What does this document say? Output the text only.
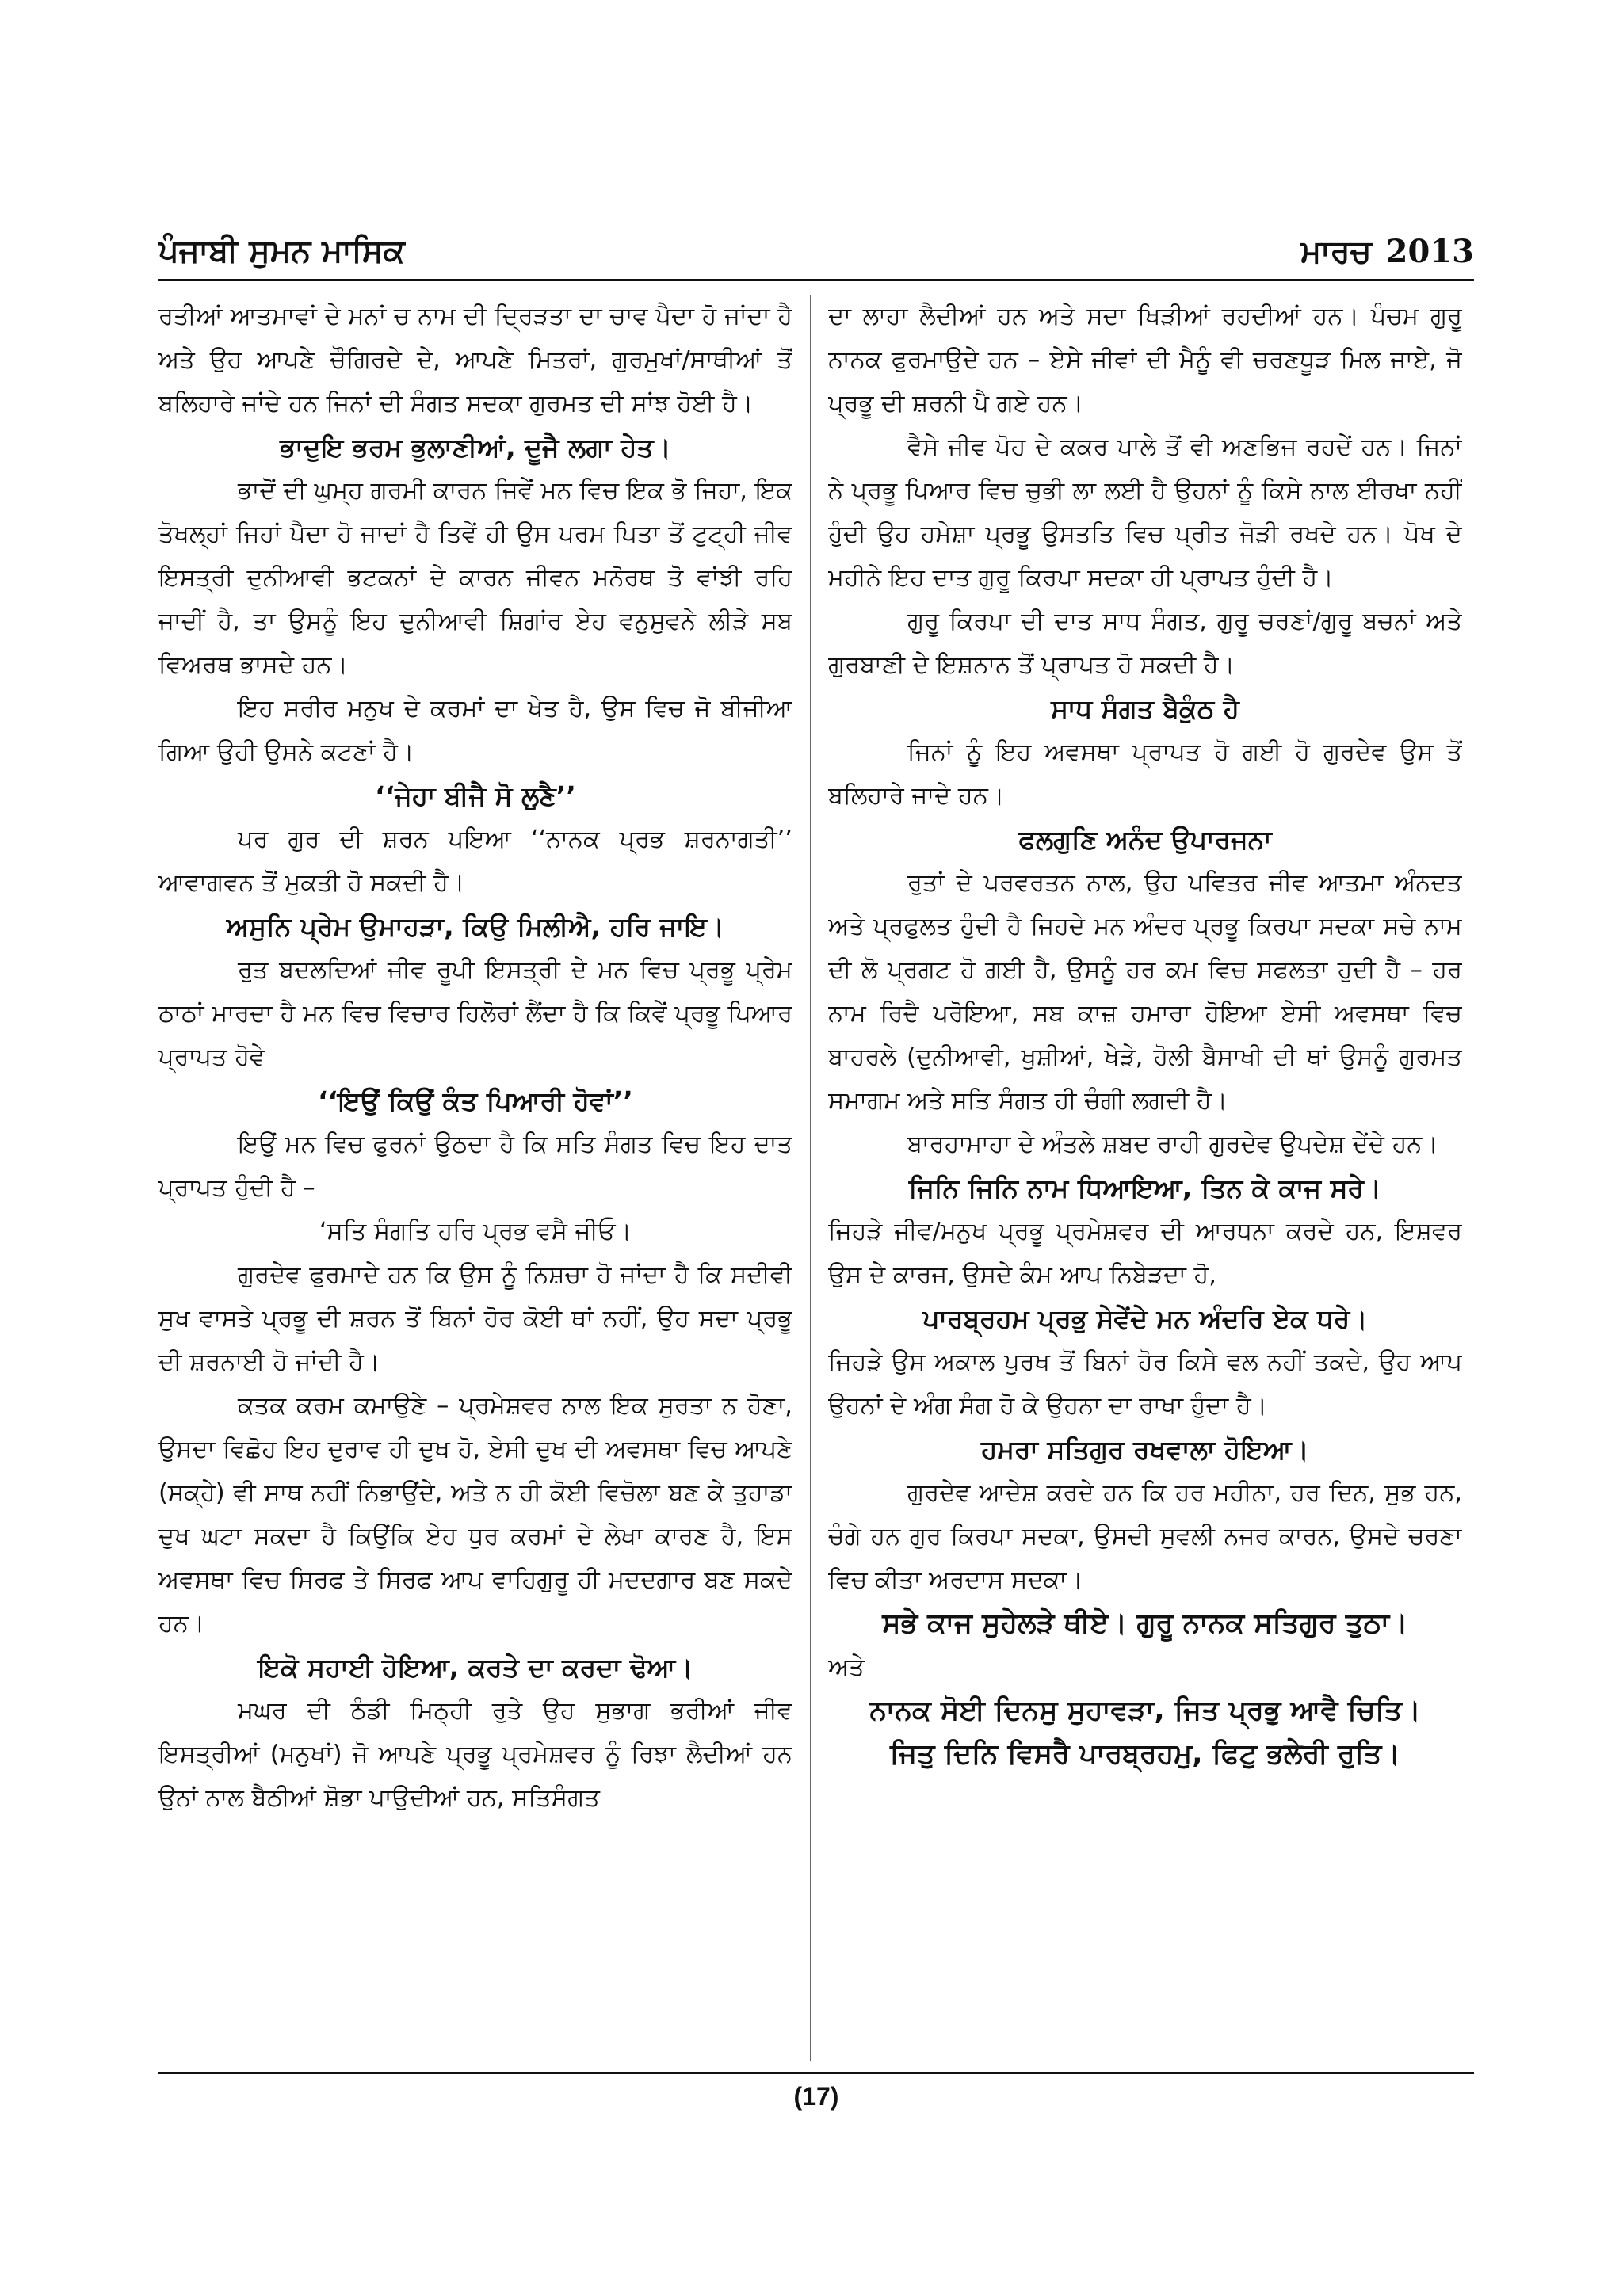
ਪੰਜਾਬੀ ਸੁਮਨ ਮਾਸਿਕ	ਮਾਰਚ 2013

ਰਤੀਆਂ ਆਤਮਾਵਾਂ ਦੇ ਮਨਾਂ ਚ ਨਾਮ ਦੀ ਦ੍ਰਿੜਤਾ ਦਾ ਚਾਵ ਪੈਦਾ ਹੋ ਜਾਂਦਾ ਹੈ ਅਤੇ ਉਹ ਆਪਣੇ ਚੌਗਿਰਦੇ ਦੇ, ਆਪਣੇ ਮਿਤਰਾਂ, ਗੁਰਮੁਖਾਂ/ਸਾਥੀਆਂ ਤੋਂ ਬਲਿਹਾਰੇ ਜਾਂਦੇ ਹਨ ਜਿਨਾਂ ਦੀ ਸੰਗਤ ਸਦਕਾ ਗੁਰਮਤ ਦੀ ਸਾਂਝ ਹੋਈ ਹੈ।

ਭਾਦੁਇ ਭਰਮ ਭੁਲਾਣੀਆਂ, ਦੂਜੈ ਲਗਾ ਹੇਤ।

ਭਾਦੋਂ ਦੀ ਘੁਮ੍ਹ ਗਰਮੀ ਕਾਰਨ ਜਿਵੇਂ ਮਨ ਵਿਚ ਇਕ ਭੋ ਜਿਹਾ, ਇਕ ਤੋਖਲ੍ਹਾਂ ਜਿਹਾਂ ਪੈਦਾ ਹੋ ਜਾਦਾਂ ਹੈ ਤਿਵੇਂ ਹੀ ਉਸ ਪਰਮ ਪਿਤਾ ਤੋਂ ਟੁਟ੍ਹੀ ਜੀਵ ਇਸਤ੍ਰੀ ਦੁਨੀਆਵੀ ਭਟਕਨਾਂ ਦੇ ਕਾਰਨ ਜੀਵਨ ਮਨੋਰਥ ਤੋ ਵਾਂਝੀ ਰਹਿ ਜਾਦੀਂ ਹੈ, ਤਾ ਉਸਨੂੰ ਇਹ ਦੁਨੀਆਵੀ ਸ਼ਿਗਾਂਰ ਏਹ ਵਨੁਸੁਵਨੇ ਲੀੜੇ ਸਬ ਵਿਅਰਥ ਭਾਸਦੇ ਹਨ।

ਇਹ ਸਰੀਰ ਮਨੁਖ ਦੇ ਕਰਮਾਂ ਦਾ ਖੇਤ ਹੈ, ਉਸ ਵਿਚ ਜੋ ਬੀਜੀਆ ਗਿਆ ਉਹੀ ਉਸਨੇ ਕਟਣਾਂ ਹੈ।

‘‘ਜੇਹਾ ਬੀਜੈ ਸੋ ਲੁਣੈ’’

ਪਰ ਗੁਰ ਦੀ ਸ਼ਰਨ ਪਇਆ ‘‘ਨਾਨਕ ਪ੍ਰਭ ਸ਼ਰਨਾਗਤੀ’’ ਆਵਾਗਵਨ ਤੋਂ ਮੁਕਤੀ ਹੋ ਸਕਦੀ ਹੈ।

ਅਸੁਨਿ ਪ੍ਰੇਮ ਉਮਾਹੜਾ, ਕਿਉ ਮਿਲੀਐ, ਹਰਿ ਜਾਇ।

ਰੁਤ ਬਦਲਦਿਆਂ ਜੀਵ ਰੂਪੀ ਇਸਤ੍ਰੀ ਦੇ ਮਨ ਵਿਚ ਪ੍ਰਭੂ ਪ੍ਰੇਮ ਠਾਠਾਂ ਮਾਰਦਾ ਹੈ ਮਨ ਵਿਚ ਵਿਚਾਰ ਹਿਲੋਰਾਂ ਲੈਂਦਾ ਹੈ ਕਿ ਕਿਵੇਂ ਪ੍ਰਭੂ ਪਿਆਰ ਪ੍ਰਾਪਤ ਹੋਵੇ

‘‘ਇਉਂ ਕਿਉਂ ਕੰਤ ਪਿਆਰੀ ਹੋਵਾਂ’’

ਇਉਂ ਮਨ ਵਿਚ ਫੁਰਨਾਂ ਉਠਦਾ ਹੈ ਕਿ ਸਤਿ ਸੰਗਤ ਵਿਚ ਇਹ ਦਾਤ ਪ੍ਰਾਪਤ ਹੁੰਦੀ ਹੈ –

‘ਸਤਿ ਸੰਗਤਿ ਹਰਿ ਪ੍ਰਭ ਵਸੈ ਜੀਓ।

ਗੁਰਦੇਵ ਫੁਰਮਾਦੇ ਹਨ ਕਿ ਉਸ ਨੂੰ ਨਿਸ਼ਚਾ ਹੋ ਜਾਂਦਾ ਹੈ ਕਿ ਸਦੀਵੀ ਸੁਖ ਵਾਸਤੇ ਪ੍ਰਭੂ ਦੀ ਸ਼ਰਨ ਤੋਂ ਬਿਨਾਂ ਹੋਰ ਕੋਈ ਥਾਂ ਨਹੀਂ, ਉਹ ਸਦਾ ਪ੍ਰਭੂ ਦੀ ਸ਼ਰਨਾਈ ਹੋ ਜਾਂਦੀ ਹੈ।

ਕਤਕ ਕਰਮ ਕਮਾਉਣੇ – ਪ੍ਰਮੇਸ਼ਵਰ ਨਾਲ ਇਕ ਸੁਰਤਾ ਨ ਹੋਣਾ, ਉਸਦਾ ਵਿਛੋਹ ਇਹ ਦੁਰਾਵ ਹੀ ਦੁਖ ਹੋ, ਏਸੀ ਦੁਖ ਦੀ ਅਵਸਥਾ ਵਿਚ ਆਪਣੇ (ਸਕ੍ਹੇ) ਵੀ ਸਾਥ ਨਹੀਂ ਨਿਭਾਉਂਦੇ, ਅਤੇ ਨ ਹੀ ਕੋਈ ਵਿਚੋਲਾ ਬਣ ਕੇ ਤੁਹਾਡਾ ਦੁਖ ਘਟਾ ਸਕਦਾ ਹੈ ਕਿਉਂਕਿ ਏਹ ਧੁਰ ਕਰਮਾਂ ਦੇ ਲੇਖਾ ਕਾਰਣ ਹੈ, ਇਸ ਅਵਸਥਾ ਵਿਚ ਸਿਰਫ ਤੇ ਸਿਰਫ ਆਪ ਵਾਹਿਗੁਰੂ ਹੀ ਮਦਦਗਾਰ ਬਣ ਸਕਦੇ ਹਨ।

ਇਕੋ ਸਹਾਈ ਹੋਇਆ, ਕਰਤੇ ਦਾ ਕਰਦਾ ਢੋਆ।

ਮਘਰ ਦੀ ਠੰਡੀ ਮਿਠ੍ਹੀ ਰੁਤੇ ਉਹ ਸੁਭਾਗ ਭਰੀਆਂ ਜੀਵ ਇਸਤ੍ਰੀਆਂ (ਮਨੁਖਾਂ) ਜੋ ਆਪਣੇ ਪ੍ਰਭੂ ਪ੍ਰਮੇਸ਼ਵਰ ਨੂੰ ਰਿਝਾ ਲੈਦੀਆਂ ਹਨ ਉਨਾਂ ਨਾਲ ਬੈਠੀਆਂ ਸ਼ੋਭਾ ਪਾਉਦੀਆਂ ਹਨ, ਸਤਿਸੰਗਤ

ਦਾ ਲਾਹਾ ਲੈਦੀਆਂ ਹਨ ਅਤੇ ਸਦਾ ਖਿੜੀਆਂ ਰਹਦੀਆਂ ਹਨ। ਪੰਚਮ ਗੁਰੂ ਨਾਨਕ ਫੁਰਮਾਉਦੇ ਹਨ – ਏਸੇ ਜੀਵਾਂ ਦੀ ਮੈਨੂੰ ਵੀ ਚਰਣਧੂੜ ਮਿਲ ਜਾਏ, ਜੋ ਪ੍ਰਭੂ ਦੀ ਸ਼ਰਨੀ ਪੈ ਗਏ ਹਨ।

ਵੈਸੇ ਜੀਵ ਪੋਹ ਦੇ ਕਕਰ ਪਾਲੇ ਤੋਂ ਵੀ ਅਣਭਿਜ ਰਹਦੇਂ ਹਨ। ਜਿਨਾਂ ਨੇ ਪ੍ਰਭੂ ਪਿਆਰ ਵਿਚ ਚੁਭੀ ਲਾ ਲਈ ਹੈ ਉਹਨਾਂ ਨੂੰ ਕਿਸੇ ਨਾਲ ਈਰਖਾ ਨਹੀਂ ਹੁੰਦੀ ਉਹ ਹਮੇਸ਼ਾ ਪ੍ਰਭੂ ਉਸਤਤਿ ਵਿਚ ਪ੍ਰੀਤ ਜੋੜੀ ਰਖਦੇ ਹਨ। ਪੋਖ ਦੇ ਮਹੀਨੇ ਇਹ ਦਾਤ ਗੁਰੂ ਕਿਰਪਾ ਸਦਕਾ ਹੀ ਪ੍ਰਾਪਤ ਹੁੰਦੀ ਹੈ।

ਗੁਰੂ ਕਿਰਪਾ ਦੀ ਦਾਤ ਸਾਧ ਸੰਗਤ, ਗੁਰੂ ਚਰਣਾਂ/ਗੁਰੂ ਬਚਨਾਂ ਅਤੇ ਗੁਰਬਾਣੀ ਦੇ ਇਸ਼ਨਾਨ ਤੋਂ ਪ੍ਰਾਪਤ ਹੋ ਸਕਦੀ ਹੈ।

ਸਾਧ ਸੰਗਤ ਬੈਕੁੰਠ ਹੈ

ਜਿਨਾਂ ਨੂੰ ਇਹ ਅਵਸਥਾ ਪ੍ਰਾਪਤ ਹੋ ਗਈ ਹੋ ਗੁਰਦੇਵ ਉਸ ਤੋਂ ਬਲਿਹਾਰੇ ਜਾਦੇ ਹਨ।

ਫਲਗੁਣਿ ਅਨੰਦ ਉਪਾਰਜਨਾ

ਰੁਤਾਂ ਦੇ ਪਰਵਰਤਨ ਨਾਲ, ਉਹ ਪਵਿਤਰ ਜੀਵ ਆਤਮਾ ਅੰਨਦਤ ਅਤੇ ਪ੍ਰਫੁਲਤ ਹੁੰਦੀ ਹੈ ਜਿਹਦੇ ਮਨ ਅੰਦਰ ਪ੍ਰਭੂ ਕਿਰਪਾ ਸਦਕਾ ਸਚੇ ਨਾਮ ਦੀ ਲੋ ਪ੍ਰਗਟ ਹੋ ਗਈ ਹੈ, ਉਸਨੂੰ ਹਰ ਕਮ ਵਿਚ ਸਫਲਤਾ ਹੁਦੀ ਹੈ – ਹਰ ਨਾਮ ਰਿਦੈ ਪਰੋਇਆ, ਸਬ ਕਾਜ਼ ਹਮਾਰਾ ਹੋਇਆ ਏਸੀ ਅਵਸਥਾ ਵਿਚ ਬਾਹਰਲੇ (ਦੁਨੀਆਵੀ, ਖੁਸ਼ੀਆਂ, ਖੇੜੇ, ਹੋਲੀ ਬੈਸਾਖੀ ਦੀ ਥਾਂ ਉਸਨੂੰ ਗੁਰਮਤ ਸਮਾਗਮ ਅਤੇ ਸਤਿ ਸੰਗਤ ਹੀ ਚੰਗੀ ਲਗਦੀ ਹੈ।

ਬਾਰਹਾਮਾਹਾ ਦੇ ਅੰਤਲੇ ਸ਼ਬਦ ਰਾਹੀ ਗੁਰਦੇਵ ਉਪਦੇਸ਼ ਦੇਂਦੇ ਹਨ।

ਜਿਨਿ ਜਿਨਿ ਨਾਮ ਧਿਆਇਆ, ਤਿਨ ਕੇ ਕਾਜ ਸਰੇ।

ਜਿਹੜੇ ਜੀਵ/ਮਨੁਖ ਪ੍ਰਭੂ ਪ੍ਰਮੇਸ਼ਵਰ ਦੀ ਆਰਧਨਾ ਕਰਦੇ ਹਨ, ਇਸ਼ਵਰ ਉਸ ਦੇ ਕਾਰਜ, ਉਸਦੇ ਕੰਮ ਆਪ ਨਿਬੇੜਦਾ ਹੋ,

ਪਾਰਬ੍ਰਹਮ ਪ੍ਰਭੁ ਸੇਵੇਂਦੇ ਮਨ ਅੰਦਰਿ ਏਕ ਧਰੇ।

ਜਿਹੜੇ ਉਸ ਅਕਾਲ ਪੁਰਖ ਤੋਂ ਬਿਨਾਂ ਹੋਰ ਕਿਸੇ ਵਲ ਨਹੀਂ ਤਕਦੇ, ਉਹ ਆਪ ਉਹਨਾਂ ਦੇ ਅੰਗ ਸੰਗ ਹੋ ਕੇ ਉਹਨਾ ਦਾ ਰਾਖਾ ਹੁੰਦਾ ਹੈ।

ਹਮਰਾ ਸਤਿਗੁਰ ਰਖਵਾਲਾ ਹੋਇਆ।

ਗੁਰਦੇਵ ਆਦੇਸ਼ ਕਰਦੇ ਹਨ ਕਿ ਹਰ ਮਹੀਨਾ, ਹਰ ਦਿਨ, ਸੁਭ ਹਨ, ਚੰਗੇ ਹਨ ਗੁਰ ਕਿਰਪਾ ਸਦਕਾ, ਉਸਦੀ ਸੁਵਲੀ ਨਜਰ ਕਾਰਨ, ਉਸਦੇ ਚਰਣਾ ਵਿਚ ਕੀਤਾ ਅਰਦਾਸ ਸਦਕਾ।

ਸਭੇ ਕਾਜ ਸੁਹੇਲੜੇ ਥੀਏ। ਗੁਰੂ ਨਾਨਕ ਸਤਿਗੁਰ ਤੁਠਾ।

ਅਤੇ

ਨਾਨਕ ਸੋਈ ਦਿਨਸੁ ਸੁਹਾਵੜਾ, ਜਿਤ ਪ੍ਰਭੁ ਆਵੈ ਚਿਤਿ।

ਜਿਤੁ ਦਿਨਿ ਵਿਸਰੈ ਪਾਰਬ੍ਰਹਮੁ, ਫਿਟੁ ਭਲੇਰੀ ਰੁਤਿ।

(17)
